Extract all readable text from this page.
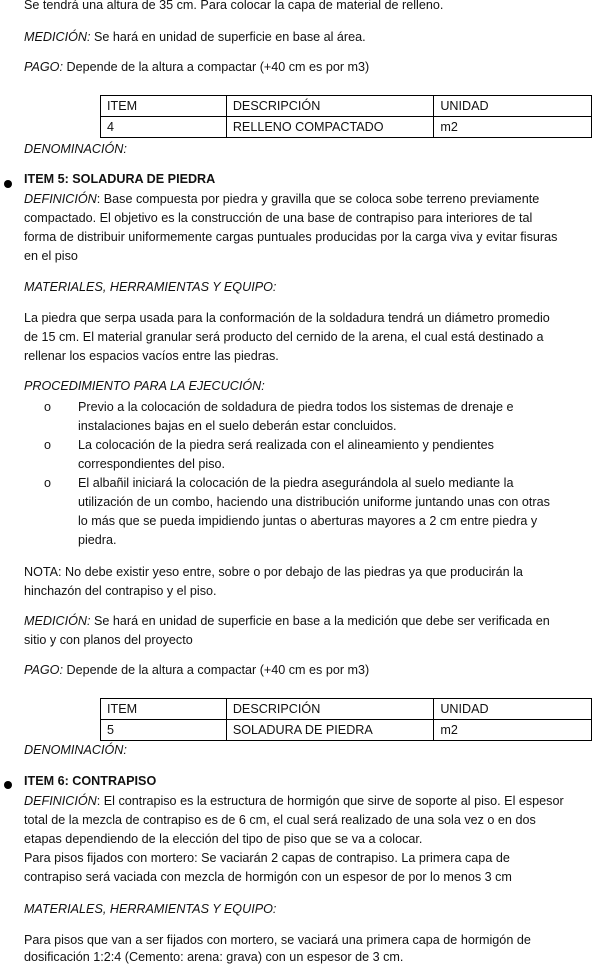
Se tendrá una altura de 35 cm. Para colocar la capa de material de relleno.

MEDICIÓN: Se hará en unidad de superficie en base al área.

PAGO: Depende de la altura a compactar (+40 cm es por m3)

ITEM	DESCRIPCIÓN	UNIDAD
4	RELLENO COMPACTADO	m2

DENOMINACIÓN:

ITEM 5: SOLADURA DE PIEDRA

DEFINICIÓN: Base compuesta por piedra y gravilla que se coloca sobe terreno previamente

compactado. El objetivo es la construcción de una base de contrapiso para interiores de tal

forma de distribuir uniformemente cargas puntuales producidas por la carga viva y evitar fisuras

en el piso

MATERIALES, HERRAMIENTAS Y EQUIPO:

La piedra que serpa usada para la conformación de la soldadura tendrá un diámetro promedio

de 15 cm. El material granular será producto del cernido de la arena, el cual está destinado a

rellenar los espacios vacíos entre las piedras.

PROCEDIMIENTO PARA LA EJECUCIÓN:

o Previo a la colocación de soldadura de piedra todos los sistemas de drenaje e
instalaciones bajas en el suelo deberán estar concluidos.
o La colocación de la piedra será realizada con el alineamiento y pendientes
correspondientes del piso.
o El albañil iniciará la colocación de la piedra asegurándola al suelo mediante la
utilización de un combo, haciendo una distribución uniforme juntando unas con otras
lo más que se pueda impidiendo juntas o aberturas mayores a 2 cm entre piedra y
piedra.

NOTA: No debe existir yeso entre, sobre o por debajo de las piedras ya que producirán la

hinchazón del contrapiso y el piso.

MEDICIÓN: Se hará en unidad de superficie en base a la medición que debe ser verificada en

sitio y con planos del proyecto

PAGO: Depende de la altura a compactar (+40 cm es por m3)

ITEM	DESCRIPCIÓN	UNIDAD
5	SOLADURA DE PIEDRA	m2

DENOMINACIÓN:

ITEM 6: CONTRAPISO

DEFINICIÓN: El contrapiso es la estructura de hormigón que sirve de soporte al piso. El espesor

total de la mezcla de contrapiso es de 6 cm, el cual será realizado de una sola vez o en dos

etapas dependiendo de la elección del tipo de piso que se va a colocar.

Para pisos fijados con mortero: Se vaciarán 2 capas de contrapiso. La primera capa de

contrapiso será vaciada con mezcla de hormigón con un espesor de por lo menos 3 cm

MATERIALES, HERRAMIENTAS Y EQUIPO:

Para pisos que van a ser fijados con mortero, se vaciará una primera capa de hormigón de

dosificación 1:2:4 (Cemento: arena: grava) con un espesor de 3 cm.
